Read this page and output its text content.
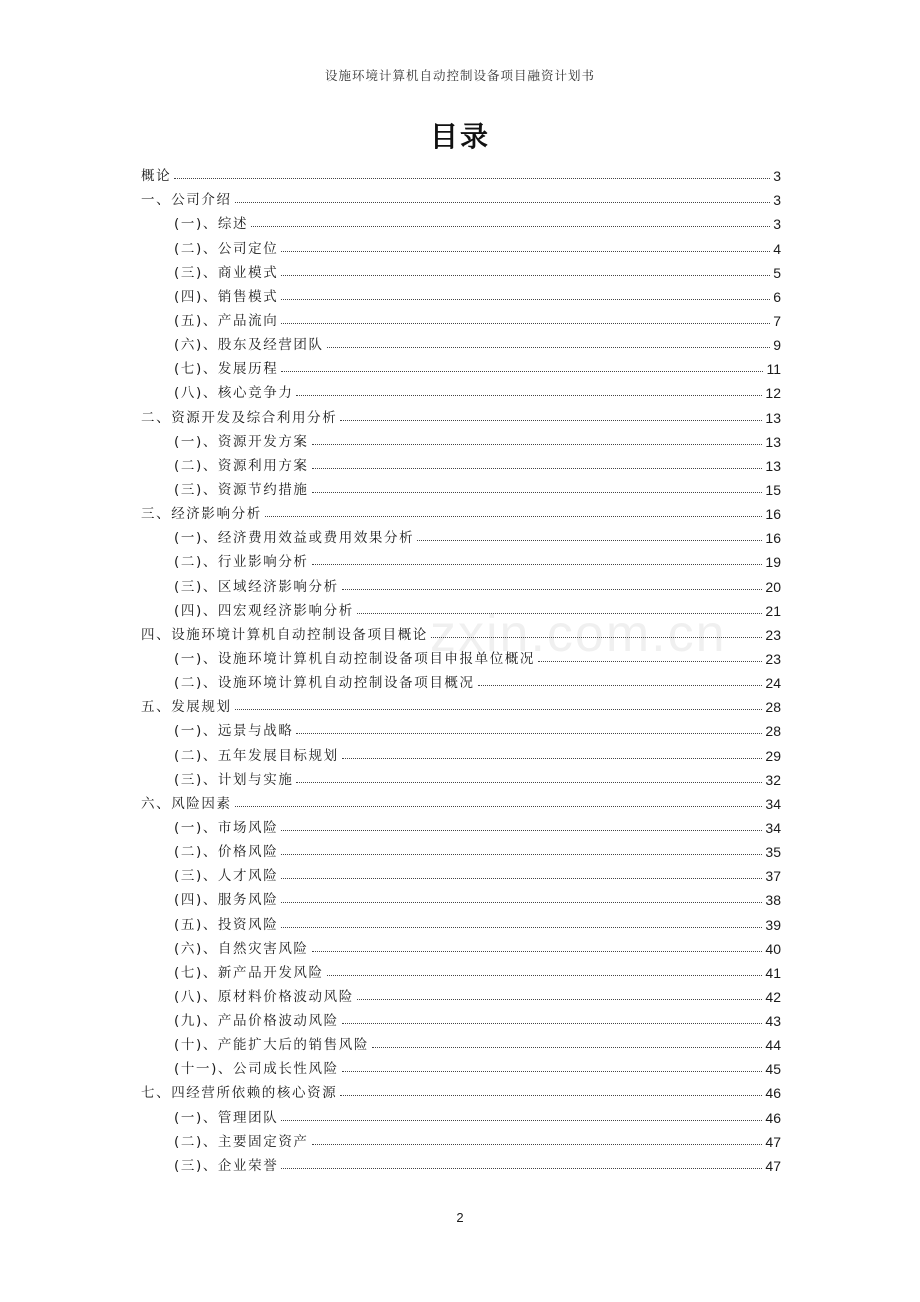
设施环境计算机自动控制设备项目融资计划书
目录
zxin.com.cn
概论	3
一、公司介绍	3
(一)、综述	3
(二)、公司定位	4
(三)、商业模式	5
(四)、销售模式	6
(五)、产品流向	7
(六)、股东及经营团队	9
(七)、发展历程	11
(八)、核心竞争力	12
二、资源开发及综合利用分析	13
(一)、资源开发方案	13
(二)、资源利用方案	13
(三)、资源节约措施	15
三、经济影响分析	16
(一)、经济费用效益或费用效果分析	16
(二)、行业影响分析	19
(三)、区域经济影响分析	20
(四)、四宏观经济影响分析	21
四、设施环境计算机自动控制设备项目概论	23
(一)、设施环境计算机自动控制设备项目申报单位概况	23
(二)、设施环境计算机自动控制设备项目概况	24
五、发展规划	28
(一)、远景与战略	28
(二)、五年发展目标规划	29
(三)、计划与实施	32
六、风险因素	34
(一)、市场风险	34
(二)、价格风险	35
(三)、人才风险	37
(四)、服务风险	38
(五)、投资风险	39
(六)、自然灾害风险	40
(七)、新产品开发风险	41
(八)、原材料价格波动风险	42
(九)、产品价格波动风险	43
(十)、产能扩大后的销售风险	44
(十一)、公司成长性风险	45
七、四经营所依赖的核心资源	46
(一)、管理团队	46
(二)、主要固定资产	47
(三)、企业荣誉	47
2
